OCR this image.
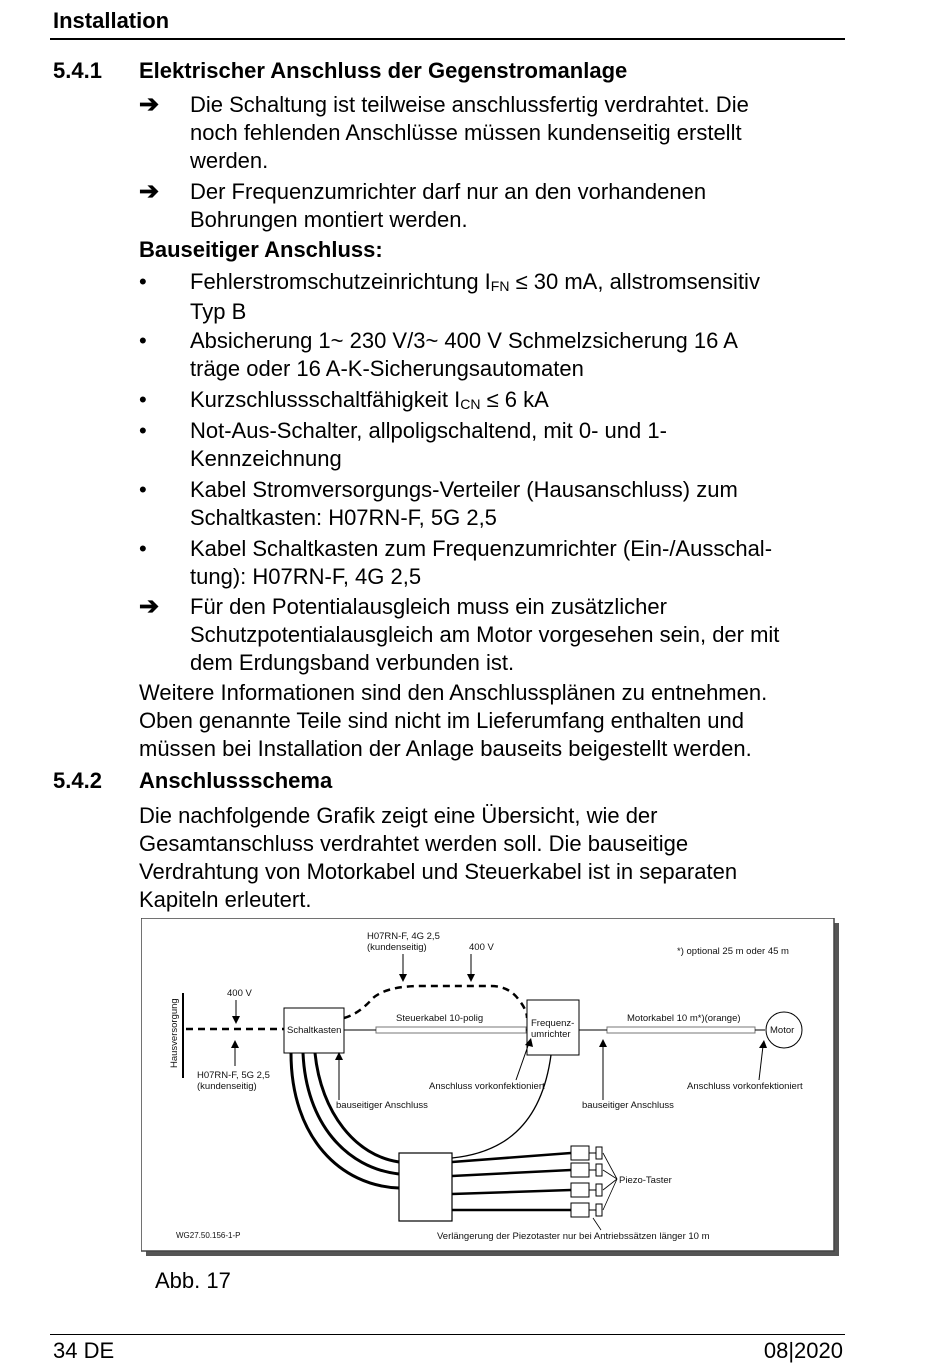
Installation
5.4.1 Elektrischer Anschluss der Gegenstromanlage
➔ Die Schaltung ist teilweise anschlussfertig verdrahtet. Die
noch fehlenden Anschlüsse müssen kundenseitig erstellt
werden.
➔ Der Frequenzumrichter darf nur an den vorhandenen
Bohrungen montiert werden.
Bauseitiger Anschluss:
• Fehlerstromschutzeinrichtung IFN ≤ 30 mA, allstromsensitiv
Typ B
• Absicherung 1~ 230 V/3~ 400 V Schmelzsicherung 16 A
träge oder 16 A-K-Sicherungsautomaten
• Kurzschlussschaltfähigkeit ICN ≤ 6 kA
• Not-Aus-Schalter, allpoligschaltend, mit 0- und 1-
Kennzeichnung
• Kabel Stromversorgungs-Verteiler (Hausanschluss) zum
Schaltkasten: H07RN-F, 5G 2,5
• Kabel Schaltkasten zum Frequenzumrichter (Ein-/Ausschal-
tung): H07RN-F, 4G 2,5
➔ Für den Potentialausgleich muss ein zusätzlicher
Schutzpotentialausgleich am Motor vorgesehen sein, der mit
dem Erdungsband verbunden ist.
Weitere Informationen sind den Anschlussplänen zu entnehmen.
Oben genannte Teile sind nicht im Lieferumfang enthalten und
müssen bei Installation der Anlage bauseits beigestellt werden.
5.4.2 Anschlussschema
Die nachfolgende Grafik zeigt eine Übersicht, wie der
Gesamtanschluss verdrahtet werden soll. Die bauseitige
Verdrahtung von Motorkabel und Steuerkabel ist in separaten
Kapiteln erleutert.
H07RN-F, 4G 2,5
(kundenseitig)	400 V	*) optional 25 m oder 45 m
Hausversorgung
400 V
Schaltkasten
Steuerkabel 10-polig	Frequenz-
umrichter
Motorkabel 10 m*)(orange)
Motor
H07RN-F, 5G 2,5
(kundenseitig)	Anschluss vorkonfektioniert	Anschluss vorkonfektioniert
bauseitiger Anschluss	bauseitiger Anschluss
Piezo-Taster
WG27.50.156-1-P	Verlängerung der Piezotaster nur bei Antriebssätzen länger 10 m
Abb. 17
34 DE	08|2020
